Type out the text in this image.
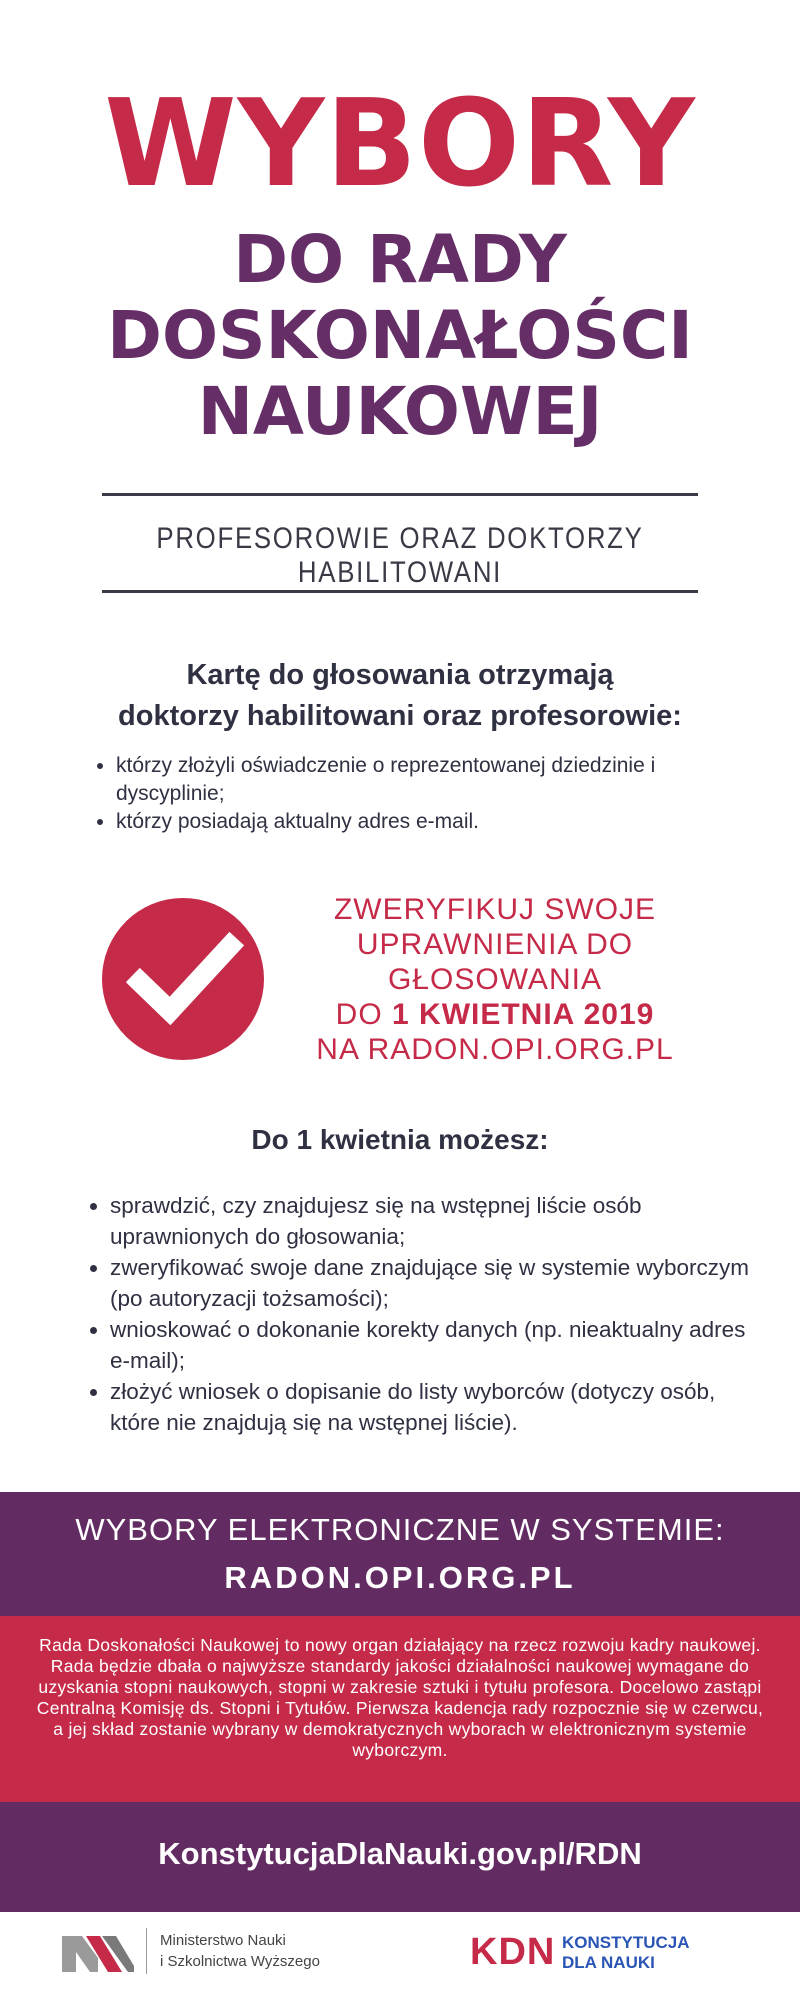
WYBORY
DO RADY
DOSKONAŁOŚCI
NAUKOWEJ
PROFESOROWIE ORAZ DOKTORZY HABILITOWANI
Kartę do głosowania otrzymają
doktorzy habilitowani oraz profesorowie:
• którzy złożyli oświadczenie o reprezentowanej dziedzinie i dyscyplinie;
• którzy posiadają aktualny adres e-mail.
ZWERYFIKUJ SWOJE
UPRAWNIENIA DO
GŁOSOWANIA
DO 1 KWIETNIA 2019
NA RADON.OPI.ORG.PL
Do 1 kwietnia możesz:
• sprawdzić, czy znajdujesz się na wstępnej liście osób uprawnionych do głosowania;
• zweryfikować swoje dane znajdujące się w systemie wyborczym (po autoryzacji tożsamości);
• wnioskować o dokonanie korekty danych (np. nieaktualny adres e-mail);
• złożyć wniosek o dopisanie do listy wyborców (dotyczy osób, które nie znajdują się na wstępnej liście).
WYBORY ELEKTRONICZNE W SYSTEMIE:
RADON.OPI.ORG.PL
Rada Doskonałości Naukowej to nowy organ działający na rzecz rozwoju kadry naukowej. Rada będzie dbała o najwyższe standardy jakości działalności naukowej wymagane do uzyskania stopni naukowych, stopni w zakresie sztuki i tytułu profesora. Docelowo zastąpi Centralną Komisję ds. Stopni i Tytułów. Pierwsza kadencja rady rozpocznie się w czerwcu, a jej skład zostanie wybrany w demokratycznych wyborach w elektronicznym systemie wyborczym.
KonstytucjaDlaNauki.gov.pl/RDN
Ministerstwo Nauki
i Szkolnictwa Wyższego	KDN KONSTYTUCJA
DLA NAUKI
